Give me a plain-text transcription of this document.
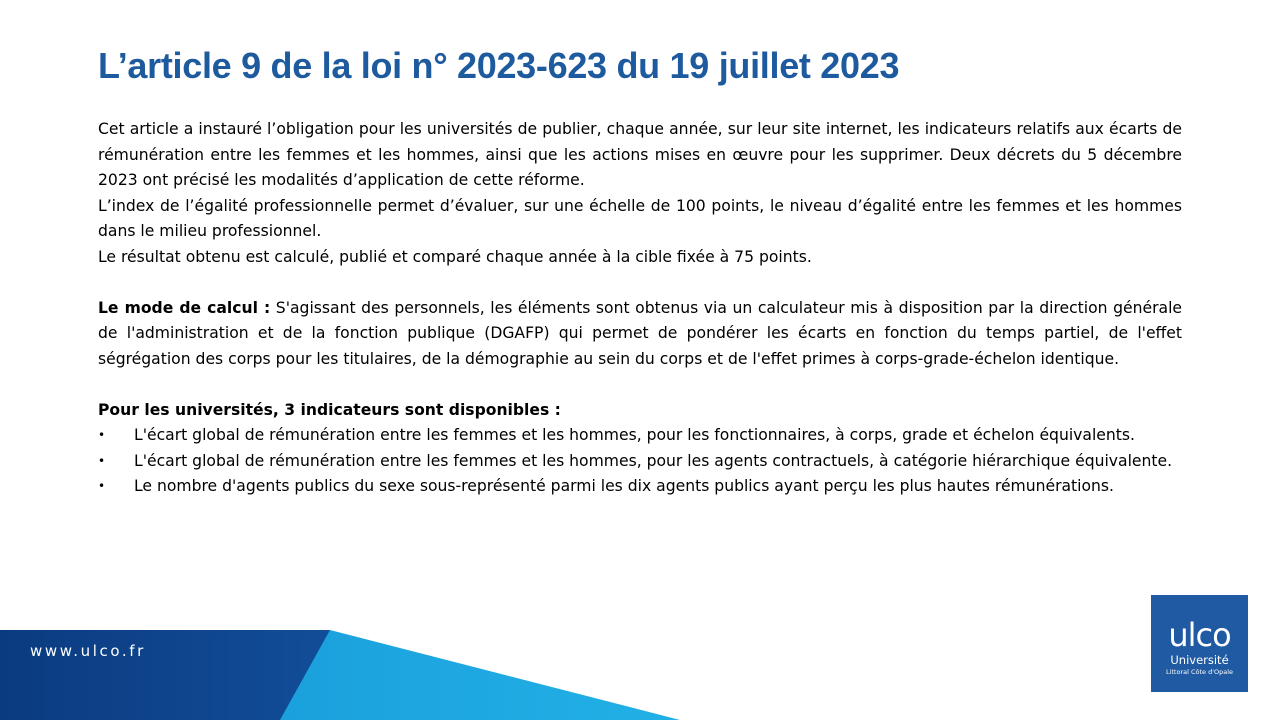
L’article 9 de la loi n° 2023-623 du 19 juillet 2023

Cet article a instauré l’obligation pour les universités de publier, chaque année, sur leur site internet, les indicateurs relatifs aux écarts de rémunération entre les femmes et les hommes, ainsi que les actions mises en œuvre pour les supprimer. Deux décrets du 5 décembre 2023 ont précisé les modalités d’application de cette réforme.

L’index de l’égalité professionnelle permet d’évaluer, sur une échelle de 100 points, le niveau d’égalité entre les femmes et les hommes dans le milieu professionnel.

Le résultat obtenu est calculé, publié et comparé chaque année à la cible fixée à 75 points.

Le mode de calcul : S'agissant des personnels, les éléments sont obtenus via un calculateur mis à disposition par la direction générale de l'administration et de la fonction publique (DGAFP) qui permet de pondérer les écarts en fonction du temps partiel, de l'effet ségrégation des corps pour les titulaires, de la démographie au sein du corps et de l'effet primes à corps-grade-échelon identique.

Pour les universités, 3 indicateurs sont disponibles :

• L'écart global de rémunération entre les femmes et les hommes, pour les fonctionnaires, à corps, grade et échelon équivalents.
• L'écart global de rémunération entre les femmes et les hommes, pour les agents contractuels, à catégorie hiérarchique équivalente.
• Le nombre d'agents publics du sexe sous-représenté parmi les dix agents publics ayant perçu les plus hautes rémunérations.
www.ulco.fr	ulco
Université
Littoral Côte d'Opale
